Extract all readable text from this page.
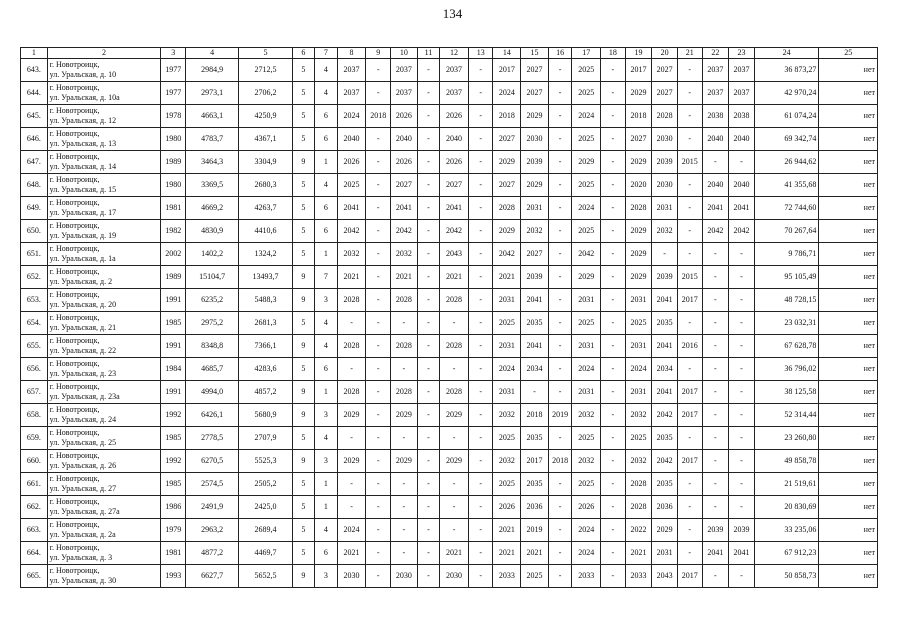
134
1	2	3	4	5	6	7	8	9	10	11	12	13	14	15	16	17	18	19	20	21	22	23	24	25
643.	г. Новотроицк,
ул. Уральская, д. 10	1977	2984,9	2712,5	5	4	2037	-	2037	-	2037	-	2017	2027	-	2025	-	2017	2027	-	2037	2037	36 873,27	нет
644.	г. Новотроицк,
ул. Уральская, д. 10а	1977	2973,1	2706,2	5	4	2037	-	2037	-	2037	-	2024	2027	-	2025	-	2029	2027	-	2037	2037	42 970,24	нет
645.	г. Новотроицк,
ул. Уральская, д. 12	1978	4663,1	4250,9	5	6	2024	2018	2026	-	2026	-	2018	2029	-	2024	-	2018	2028	-	2038	2038	61 074,24	нет
646.	г. Новотроицк,
ул. Уральская, д. 13	1980	4783,7	4367,1	5	6	2040	-	2040	-	2040	-	2027	2030	-	2025	-	2027	2030	-	2040	2040	69 342,74	нет
647.	г. Новотроицк,
ул. Уральская, д. 14	1989	3464,3	3304,9	9	1	2026	-	2026	-	2026	-	2029	2039	-	2029	-	2029	2039	2015	-	-	26 944,62	нет
648.	г. Новотроицк,
ул. Уральская, д. 15	1980	3369,5	2680,3	5	4	2025	-	2027	-	2027	-	2027	2029	-	2025	-	2020	2030	-	2040	2040	41 355,68	нет
649.	г. Новотроицк,
ул. Уральская, д. 17	1981	4669,2	4263,7	5	6	2041	-	2041	-	2041	-	2028	2031	-	2024	-	2028	2031	-	2041	2041	72 744,60	нет
650.	г. Новотроицк,
ул. Уральская, д. 19	1982	4830,9	4410,6	5	6	2042	-	2042	-	2042	-	2029	2032	-	2025	-	2029	2032	-	2042	2042	70 267,64	нет
651.	г. Новотроицк,
ул. Уральская, д. 1а	2002	1402,2	1324,2	5	1	2032	-	2032	-	2043	-	2042	2027	-	2042	-	2029	-	-	-	-	9 786,71	нет
652.	г. Новотроицк,
ул. Уральская, д. 2	1989	15104,7	13493,7	9	7	2021	-	2021	-	2021	-	2021	2039	-	2029	-	2029	2039	2015	-	-	95 105,49	нет
653.	г. Новотроицк,
ул. Уральская, д. 20	1991	6235,2	5488,3	9	3	2028	-	2028	-	2028	-	2031	2041	-	2031	-	2031	2041	2017	-	-	48 728,15	нет
654.	г. Новотроицк,
ул. Уральская, д. 21	1985	2975,2	2681,3	5	4	-	-	-	-	-	-	2025	2035	-	2025	-	2025	2035	-	-	-	23 032,31	нет
655.	г. Новотроицк,
ул. Уральская, д. 22	1991	8348,8	7366,1	9	4	2028	-	2028	-	2028	-	2031	2041	-	2031	-	2031	2041	2016	-	-	67 628,78	нет
656.	г. Новотроицк,
ул. Уральская, д. 23	1984	4685,7	4283,6	5	6	-	-	-	-	-	-	2024	2034	-	2024	-	2024	2034	-	-	-	36 796,02	нет
657.	г. Новотроицк,
ул. Уральская, д. 23а	1991	4994,0	4857,2	9	1	2028	-	2028	-	2028	-	2031	-	-	2031	-	2031	2041	2017	-	-	38 125,58	нет
658.	г. Новотроицк,
ул. Уральская, д. 24	1992	6426,1	5680,9	9	3	2029	-	2029	-	2029	-	2032	2018	2019	2032	-	2032	2042	2017	-	-	52 314,44	нет
659.	г. Новотроицк,
ул. Уральская, д. 25	1985	2778,5	2707,9	5	4	-	-	-	-	-	-	2025	2035	-	2025	-	2025	2035	-	-	-	23 260,80	нет
660.	г. Новотроицк,
ул. Уральская, д. 26	1992	6270,5	5525,3	9	3	2029	-	2029	-	2029	-	2032	2017	2018	2032	-	2032	2042	2017	-	-	49 858,78	нет
661.	г. Новотроицк,
ул. Уральская, д. 27	1985	2574,5	2505,2	5	1	-	-	-	-	-	-	2025	2035	-	2025	-	2028	2035	-	-	-	21 519,61	нет
662.	г. Новотроицк,
ул. Уральская, д. 27а	1986	2491,9	2425,0	5	1	-	-	-	-	-	-	2026	2036	-	2026	-	2028	2036	-	-	-	20 830,69	нет
663.	г. Новотроицк,
ул. Уральская, д. 2а	1979	2963,2	2689,4	5	4	2024	-	-	-	-	-	2021	2019	-	2024	-	2022	2029	-	2039	2039	33 235,06	нет
664.	г. Новотроицк,
ул. Уральская, д. 3	1981	4877,2	4469,7	5	6	2021	-	-	-	2021	-	2021	2021	-	2024	-	2021	2031	-	2041	2041	67 912,23	нет
665.	г. Новотроицк,
ул. Уральская, д. 30	1993	6627,7	5652,5	9	3	2030	-	2030	-	2030	-	2033	2025	-	2033	-	2033	2043	2017	-	-	50 858,73	нет
